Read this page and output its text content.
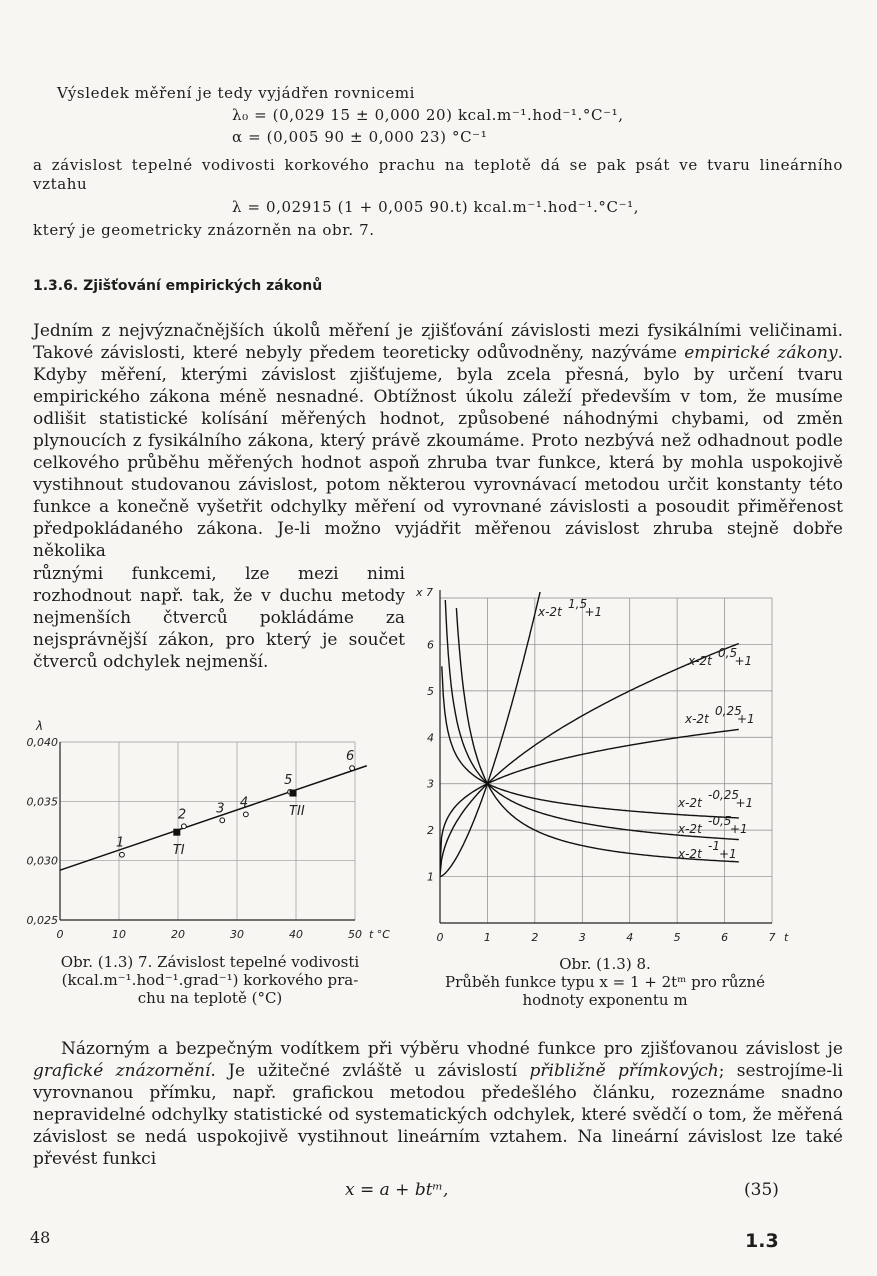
Výsledek měření je tedy vyjádřen rovnicemi
λ₀ = (0,029 15 ± 0,000 20) kcal.m⁻¹.hod⁻¹.°C⁻¹,
α = (0,005 90 ± 0,000 23) °C⁻¹
a závislost tepelné vodivosti korkového prachu na teplotě dá se pak psát ve tvaru lineárního vztahu
λ = 0,02915 (1 + 0,005 90.t) kcal.m⁻¹.hod⁻¹.°C⁻¹,
který je geometricky znázorněn na obr. 7.
1.3.6. Zjišťování empirických zákonů
Jedním z nejvýznačnějších úkolů měření je zjišťování závislosti mezi fysikálními veličinami. Takové závislosti, které nebyly předem teoreticky odůvodněny, nazýváme empirické zákony. Kdyby měření, kterými závislost zjišťujeme, byla zcela přesná, bylo by určení tvaru empirického zákona méně nesnadné. Obtížnost úkolu záleží především v tom, že musíme odlišit statistické kolísání měřených hodnot, způsobené náhodnými chybami, od změn plynoucích z fysikálního zákona, který právě zkoumáme. Proto nezbývá než odhadnout podle celkového průběhu měřených hodnot aspoň zhruba tvar funkce, která by mohla uspokojivě vystihnout studovanou závislost, potom některou vyrovnávací metodou určit konstanty této funkce a konečně vyšetřit odchylky měření od vyrovnané závislosti a posoudit přiměřenost předpokládaného zákona. Je-li možno vyjádřit měřenou závislost zhruba stejně dobře několika
různými funkcemi, lze mezi nimi rozhodnout např. tak, že v duchu metody nejmenších čtverců pokládáme za nejsprávnější zákon, pro který je součet čtverců odchylek nejmenší.
0	10	20	30	40	50
0,025
0,030
0,035
0,040
λ
t °C
1
2 3 4
5
6
TI
TII
Obr. (1.3) 7. Závislost tepelné vodivosti
(kcal.m⁻¹.hod⁻¹.grad⁻¹) korkového pra-
chu na teplotě (°C)
0	1	2	3	4	5	6	7
1
2
3
4
5
6
x 7
t
x-2t
1,5
+1
x-2t
0,5
+1
x-2t
0,25
+1
x-2t
-0,25
+1
x-2t
-0,5
+1
x-2t
-1
+1
Obr. (1.3) 8.
Průběh funkce typu x = 1 + 2tᵐ pro různé
hodnoty exponentu m
Názorným a bezpečným vodítkem při výběru vhodné funkce pro zjišťovanou závislost je grafické znázornění. Je užitečné zvláště u závislostí přibližně přímkových; sestrojíme-li vyrovnanou přímku, např. grafickou metodou předešlého článku, rozeznáme snadno nepravidelné odchylky statistické od systematických odchylek, které svědčí o tom, že měřená závislost se nedá uspokojivě vystihnout lineárním vztahem. Na lineární závislost lze také převést funkci
x = a + btᵐ,	(35)
48	1.3
